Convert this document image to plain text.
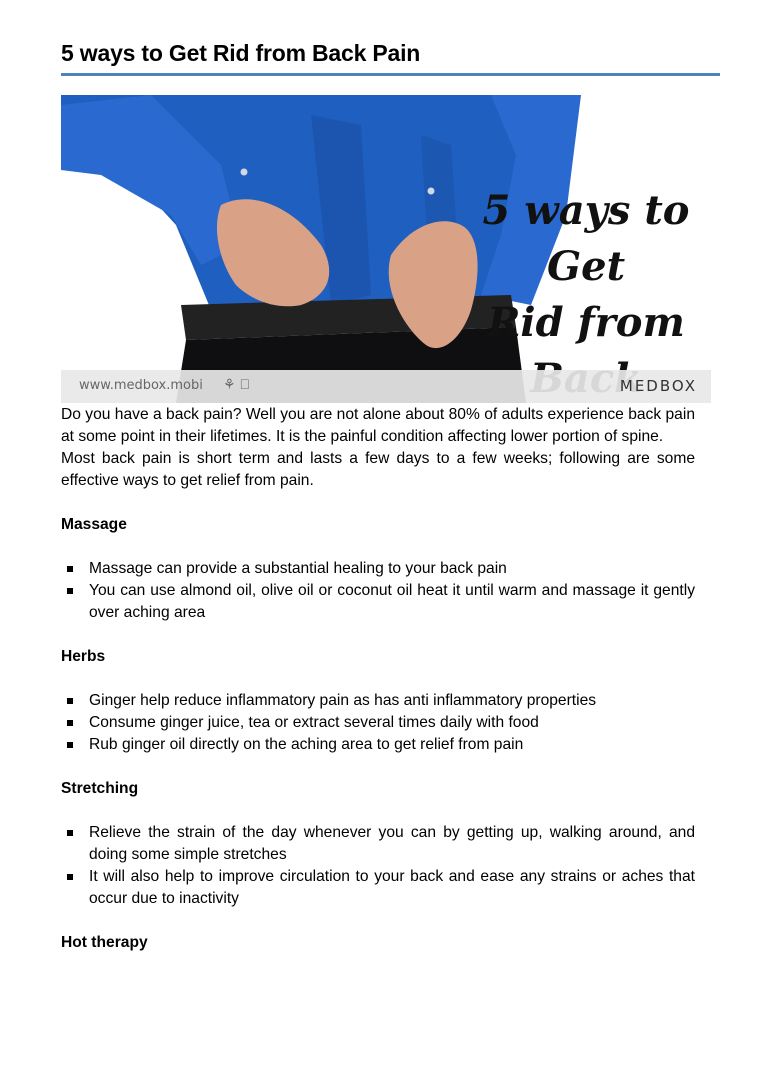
5 ways to Get Rid from Back Pain
5 ways to Get
Rid from
www.medbox.mobi ⚘	MEDBOX

Do you have a back pain? Well you are not alone about 80% of adults experience back pain at some point in their lifetimes. It is the painful condition affecting lower portion of spine.

Most back pain is short term and lasts a few days to a few weeks; following are some effective ways to get relief from pain.

Massage

Massage can provide a substantial healing to your back pain
You can use almond oil, olive oil or coconut oil heat it until warm and massage it gently over aching area

Herbs

Ginger help reduce inflammatory pain as has anti inflammatory properties
Consume ginger juice, tea or extract several times daily with food
Rub ginger oil directly on the aching area to get relief from pain

Stretching

Relieve the strain of the day whenever you can by getting up, walking around, and doing some simple stretches
It will also help to improve circulation to your back and ease any strains or aches that occur due to inactivity

Hot therapy
